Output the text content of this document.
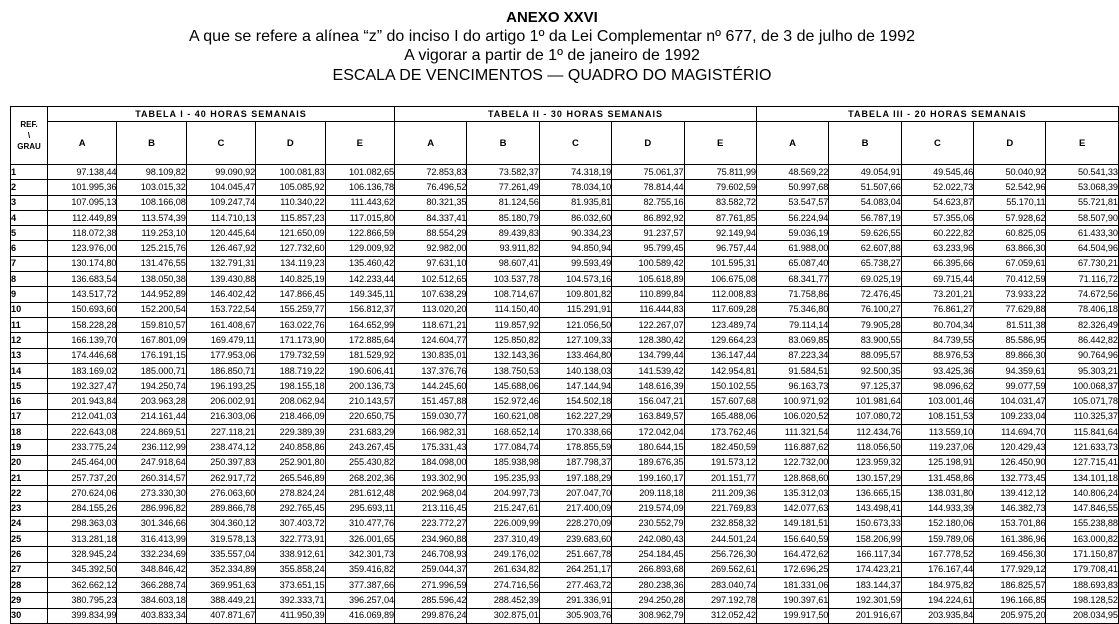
ANEXO XXVI
A que se refere a alínea “z” do inciso I do artigo 1º da Lei Complementar nº 677, de 3 de julho de 1992
A vigorar a partir de 1º de janeiro de 1992
ESCALA DE VENCIMENTOS — QUADRO DO MAGISTÉRIO
REF.
\
GRAU	TABELA I - 40 HORAS SEMANAIS					TABELA II - 30 HORAS SEMANAIS					TABELA III - 20 HORAS SEMANAIS				
	A	B	C	D	E	A	B	C	D	E	A	B	C	D	E
1	97.138,44	98.109,82	99.090,92	100.081,83	101.082,65	72.853,83	73.582,37	74.318,19	75.061,37	75.811,99	48.569,22	49.054,91	49.545,46	50.040,92	50.541,33
2	101.995,36	103.015,32	104.045,47	105.085,92	106.136,78	76.496,52	77.261,49	78.034,10	78.814,44	79.602,59	50.997,68	51.507,66	52.022,73	52.542,96	53.068,39
3	107.095,13	108.166,08	109.247,74	110.340,22	111.443,62	80.321,35	81.124,56	81.935,81	82.755,16	83.582,72	53.547,57	54.083,04	54.623,87	55.170,11	55.721,81
4	112.449,89	113.574,39	114.710,13	115.857,23	117.015,80	84.337,41	85.180,79	86.032,60	86.892,92	87.761,85	56.224,94	56.787,19	57.355,06	57.928,62	58.507,90
5	118.072,38	119.253,10	120.445,64	121.650,09	122.866,59	88.554,29	89.439,83	90.334,23	91.237,57	92.149,94	59.036,19	59.626,55	60.222,82	60.825,05	61.433,30
6	123.976,00	125.215,76	126.467,92	127.732,60	129.009,92	92.982,00	93.911,82	94.850,94	95.799,45	96.757,44	61.988,00	62.607,88	63.233,96	63.866,30	64.504,96
7	130.174,80	131.476,55	132.791,31	134.119,23	135.460,42	97.631,10	98.607,41	99.593,49	100.589,42	101.595,31	65.087,40	65.738,27	66.395,66	67.059,61	67.730,21
8	136.683,54	138.050,38	139.430,88	140.825,19	142.233,44	102.512,65	103.537,78	104.573,16	105.618,89	106.675,08	68.341,77	69.025,19	69.715,44	70.412,59	71.116,72
9	143.517,72	144.952,89	146.402,42	147.866,45	149.345,11	107.638,29	108.714,67	109.801,82	110.899,84	112.008,83	71.758,86	72.476,45	73.201,21	73.933,22	74.672,56
10	150.693,60	152.200,54	153.722,54	155.259,77	156.812,37	113.020,20	114.150,40	115.291,91	116.444,83	117.609,28	75.346,80	76.100,27	76.861,27	77.629,88	78.406,18
11	158.228,28	159.810,57	161.408,67	163.022,76	164.652,99	118.671,21	119.857,92	121.056,50	122.267,07	123.489,74	79.114,14	79.905,28	80.704,34	81.511,38	82.326,49
12	166.139,70	167.801,09	169.479,11	171.173,90	172.885,64	124.604,77	125.850,82	127.109,33	128.380,42	129.664,23	83.069,85	83.900,55	84.739,55	85.586,95	86.442,82
13	174.446,68	176.191,15	177.953,06	179.732,59	181.529,92	130.835,01	132.143,36	133.464,80	134.799,44	136.147,44	87.223,34	88.095,57	88.976,53	89.866,30	90.764,96
14	183.169,02	185.000,71	186.850,71	188.719,22	190.606,41	137.376,76	138.750,53	140.138,03	141.539,42	142.954,81	91.584,51	92.500,35	93.425,36	94.359,61	95.303,21
15	192.327,47	194.250,74	196.193,25	198.155,18	200.136,73	144.245,60	145.688,06	147.144,94	148.616,39	150.102,55	96.163,73	97.125,37	98.096,62	99.077,59	100.068,37
16	201.943,84	203.963,28	206.002,91	208.062,94	210.143,57	151.457,88	152.972,46	154.502,18	156.047,21	157.607,68	100.971,92	101.981,64	103.001,46	104.031,47	105.071,78
17	212.041,03	214.161,44	216.303,06	218.466,09	220.650,75	159.030,77	160.621,08	162.227,29	163.849,57	165.488,06	106.020,52	107.080,72	108.151,53	109.233,04	110.325,37
18	222.643,08	224.869,51	227.118,21	229.389,39	231.683,29	166.982,31	168.652,14	170.338,66	172.042,04	173.762,46	111.321,54	112.434,76	113.559,10	114.694,70	115.841,64
19	233.775,24	236.112,99	238.474,12	240.858,86	243.267,45	175.331,43	177.084,74	178.855,59	180.644,15	182.450,59	116.887,62	118.056,50	119.237,06	120.429,43	121.633,73
20	245.464,00	247.918,64	250.397,83	252.901,80	255.430,82	184.098,00	185.938,98	187.798,37	189.676,35	191.573,12	122.732,00	123.959,32	125.198,91	126.450,90	127.715,41
21	257.737,20	260.314,57	262.917,72	265.546,89	268.202,36	193.302,90	195.235,93	197.188,29	199.160,17	201.151,77	128.868,60	130.157,29	131.458,86	132.773,45	134.101,18
22	270.624,06	273.330,30	276.063,60	278.824,24	281.612,48	202.968,04	204.997,73	207.047,70	209.118,18	211.209,36	135.312,03	136.665,15	138.031,80	139.412,12	140.806,24
23	284.155,26	286.996,82	289.866,78	292.765,45	295.693,11	213.116,45	215.247,61	217.400,09	219.574,09	221.769,83	142.077,63	143.498,41	144.933,39	146.382,73	147.846,55
24	298.363,03	301.346,66	304.360,12	307.403,72	310.477,76	223.772,27	226.009,99	228.270,09	230.552,79	232.858,32	149.181,51	150.673,33	152.180,06	153.701,86	155.238,88
25	313.281,18	316.413,99	319.578,13	322.773,91	326.001,65	234.960,88	237.310,49	239.683,60	242.080,43	244.501,24	156.640,59	158.206,99	159.789,06	161.386,96	163.000,82
26	328.945,24	332.234,69	335.557,04	338.912,61	342.301,73	246.708,93	249.176,02	251.667,78	254.184,45	256.726,30	164.472,62	166.117,34	167.778,52	169.456,30	171.150,87
27	345.392,50	348.846,42	352.334,89	355.858,24	359.416,82	259.044,37	261.634,82	264.251,17	266.893,68	269.562,61	172.696,25	174.423,21	176.167,44	177.929,12	179.708,41
28	362.662,12	366.288,74	369.951,63	373.651,15	377.387,66	271.996,59	274.716,56	277.463,72	280.238,36	283.040,74	181.331,06	183.144,37	184.975,82	186.825,57	188.693,83
29	380.795,23	384.603,18	388.449,21	392.333,71	396.257,04	285.596,42	288.452,39	291.336,91	294.250,28	297.192,78	190.397,61	192.301,59	194.224,61	196.166,85	198.128,52
30	399.834,99	403.833,34	407.871,67	411.950,39	416.069,89	299.876,24	302.875,01	305.903,76	308.962,79	312.052,42	199.917,50	201.916,67	203.935,84	205.975,20	208.034,95
